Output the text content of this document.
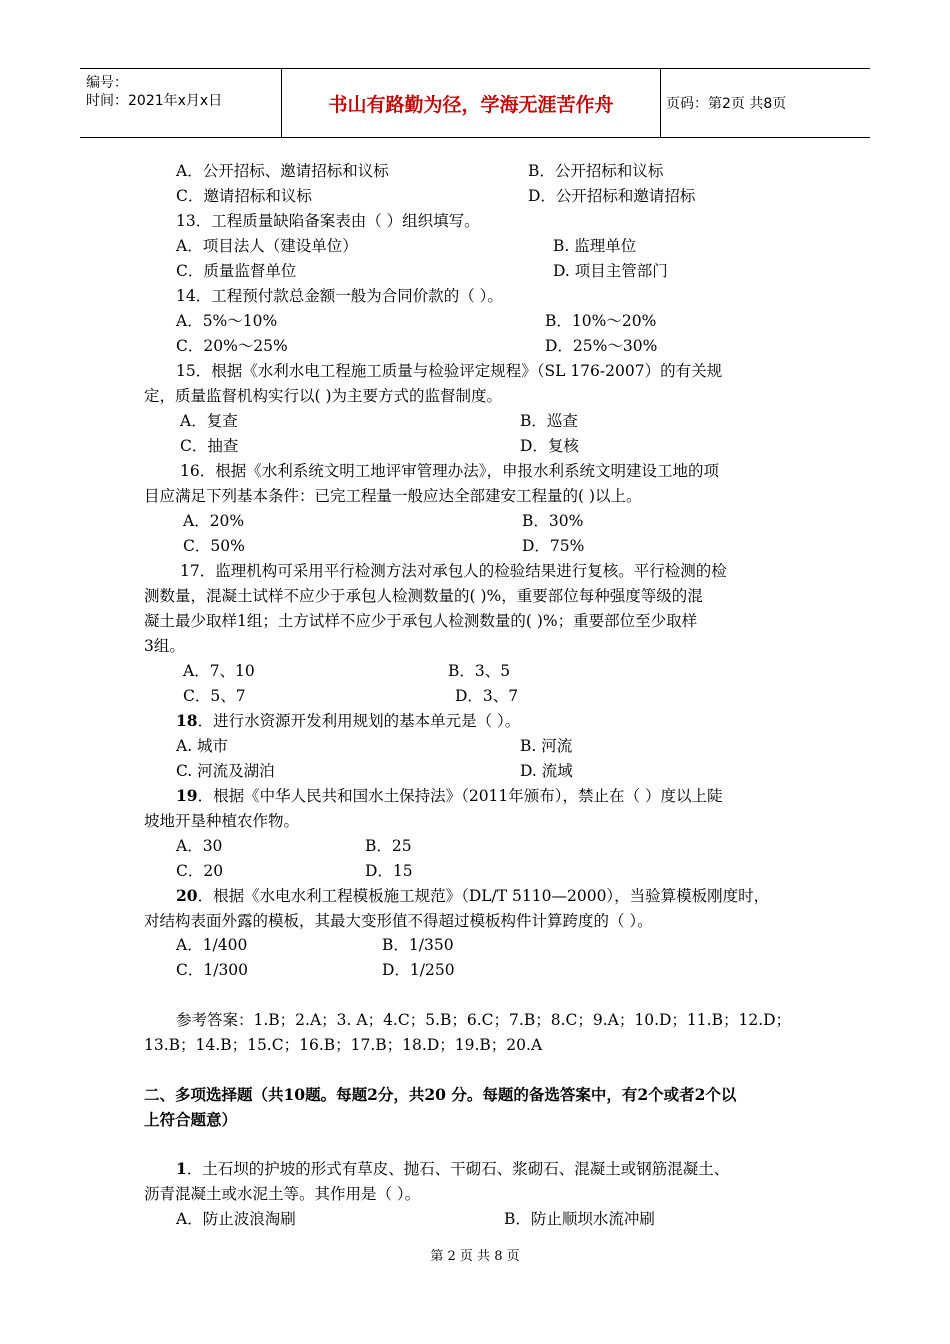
编号：
时间：2021年x月x日	书山有路勤为径，学海无涯苦作舟	页码：第2页 共8页
A．公开招标、邀请招标和议标	B．公开招标和议标
C．邀请招标和议标	D．公开招标和邀请招标
13．工程质量缺陷备案表由（ ）组织填写。
A．项目法人（建设单位）	B. 监理单位
C．质量监督单位	D. 项目主管部门
14．工程预付款总金额一般为合同价款的（ ）。
A．5%～10%	B．10%～20%
C．20%～25%	D．25%～30%
15．根据《水利水电工程施工质量与检验评定规程》（SL 176-2007）的有关规
定，质量监督机构实行以( )为主要方式的监督制度。
A．复查	B．巡查
C．抽查	D．复核
16．根据《水利系统文明工地评审管理办法》，申报水利系统文明建设工地的项
目应满足下列基本条件：已完工程量一般应达全部建安工程量的( )以上。
A．20%	B．30%
C．50%	D．75%
17．监理机构可采用平行检测方法对承包人的检验结果进行复核。平行检测的检
测数量，混凝土试样不应少于承包人检测数量的( )%，重要部位每种强度等级的混
凝土最少取样1组；土方试样不应少于承包人检测数量的( )%；重要部位至少取样
3组。
A．7、10	B．3、5
C．5、7	D．3、7
18．进行水资源开发利用规划的基本单元是（ ）。
A. 城市	B. 河流
C. 河流及湖泊	D. 流域
19．根据《中华人民共和国水土保持法》（2011年颁布），禁止在（ ）度以上陡
坡地开垦种植农作物。
A．30	B．25
C．20	D．15
20．根据《水电水利工程模板施工规范》（DL/T 5110—2000），当验算模板刚度时，
对结构表面外露的模板，其最大变形值不得超过模板构件计算跨度的（ ）。
A．1/400	B．1/350
C．1/300	D．1/250
参考答案：1.B；2.A；3. A；4.C；5.B；6.C；7.B；8.C；9.A；10.D；11.B；12.D；
13.B；14.B；15.C；16.B；17.B；18.D；19.B；20.A
二、多项选择题（共10题。每题2分，共20 分。每题的备选答案中，有2个或者2个以
上符合题意）
1．土石坝的护坡的形式有草皮、抛石、干砌石、浆砌石、混凝土或钢筋混凝土、
沥青混凝土或水泥土等。其作用是（ ）。
A．防止波浪淘刷	B．防止顺坝水流冲刷
第 2 页 共 8 页
